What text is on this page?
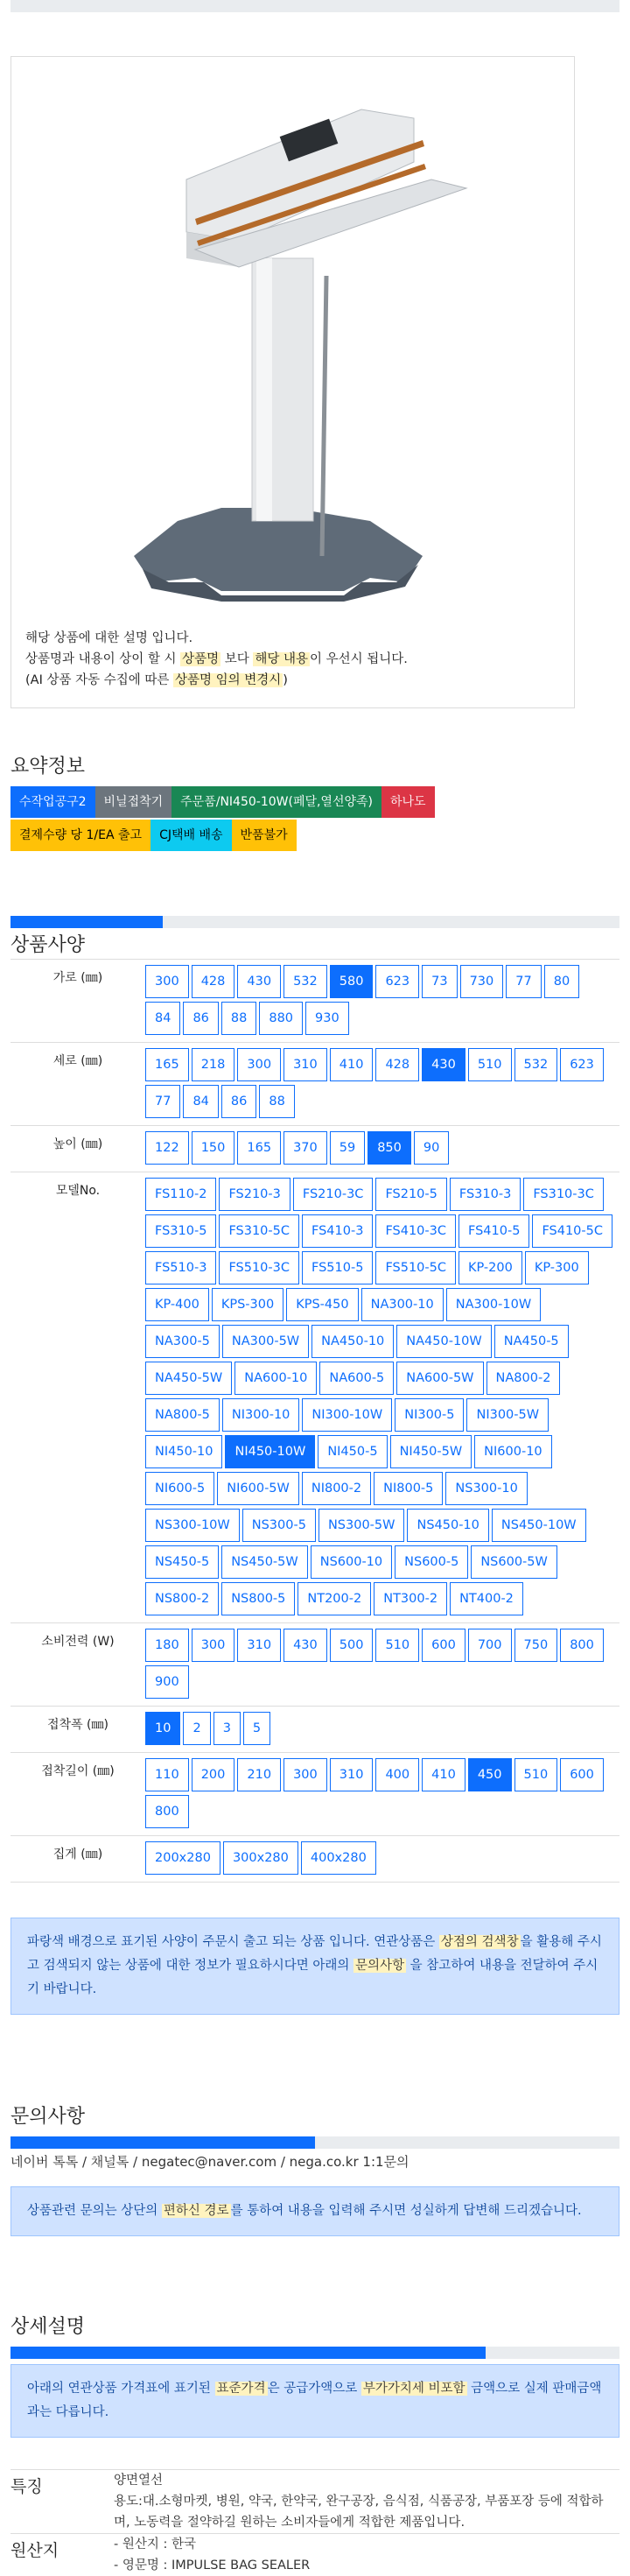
해당 상품에 대한 설명 입니다.
상품명과 내용이 상이 할 시 상품명 보다 해당 내용 이 우선시 됩니다.
(AI 상품 자동 수집에 따른 상품명 임의 변경시 )
요약정보
수작업공구2	비닐접착기	주문품/NI450-10W(페달,열선양족)	하나도
결제수량 당 1/EA 출고	CJ택배 배송	반품불가
상품사양
가로 (㎜)	300	428	430	532	580	623	73	730	77	80
84	86	88	880	930
세로 (㎜)	165	218	300	310	410	428	430	510	532	623
77	84	86	88
높이 (㎜)	122	150	165	370	59	850	90
모델No.	FS110-2	FS210-3	FS210-3C	FS210-5	FS310-3	FS310-3C
FS310-5	FS310-5C	FS410-3	FS410-3C	FS410-5	FS410-5C
FS510-3	FS510-3C	FS510-5	FS510-5C	KP-200	KP-300
KP-400	KPS-300	KPS-450	NA300-10	NA300-10W
NA300-5	NA300-5W	NA450-10	NA450-10W	NA450-5
NA450-5W	NA600-10	NA600-5	NA600-5W	NA800-2
NA800-5	NI300-10	NI300-10W	NI300-5	NI300-5W
NI450-10	NI450-10W	NI450-5	NI450-5W	NI600-10
NI600-5	NI600-5W	NI800-2	NI800-5	NS300-10
NS300-10W	NS300-5	NS300-5W	NS450-10	NS450-10W
NS450-5	NS450-5W	NS600-10	NS600-5	NS600-5W
NS800-2	NS800-5	NT200-2	NT300-2	NT400-2
소비전력 (W)	180	300	310	430	500	510	600	700	750	800
900
접착폭 (㎜)	10	2	3	5
접착길이 (㎜)	110	200	210	300	310	400	410	450	510	600
800
집게 (㎜)	200x280	300x280	400x280
파랑색 배경으로 표기된 사양이 주문시 출고 되는 상품 입니다. 연관상품은 상점의 검색창 을 활용해 주시고 검색되지 않는 상품에 대한 정보가 필요하시다면 아래의 문의사항 을 참고하여 내용을 전달하여 주시기 바랍니다.
문의사항
네이버 톡톡 / 채널톡 / negatec@naver.com / nega.co.kr 1:1문의
상품관련 문의는 상단의 편하신 경로 를 통하여 내용을 입력해 주시면 성실하게 답변해 드리겠습니다.
상세설명
아래의 연관상품 가격표에 표기된 표준가격 은 공급가액으로 부가가치세 비포함 금액으로 실제 판매금액과는 다릅니다.
특징	양면열선
용도:대.소형마켓, 병원, 약국, 한약국, 완구공장, 음식점, 식품공장, 부품포장 등에 적합하며, 노동력을 절약하길 원하는 소비자들에게 적합한 제품입니다.
원산지	- 원산지 : 한국
- 영문명 : IMPULSE BAG SEALER
